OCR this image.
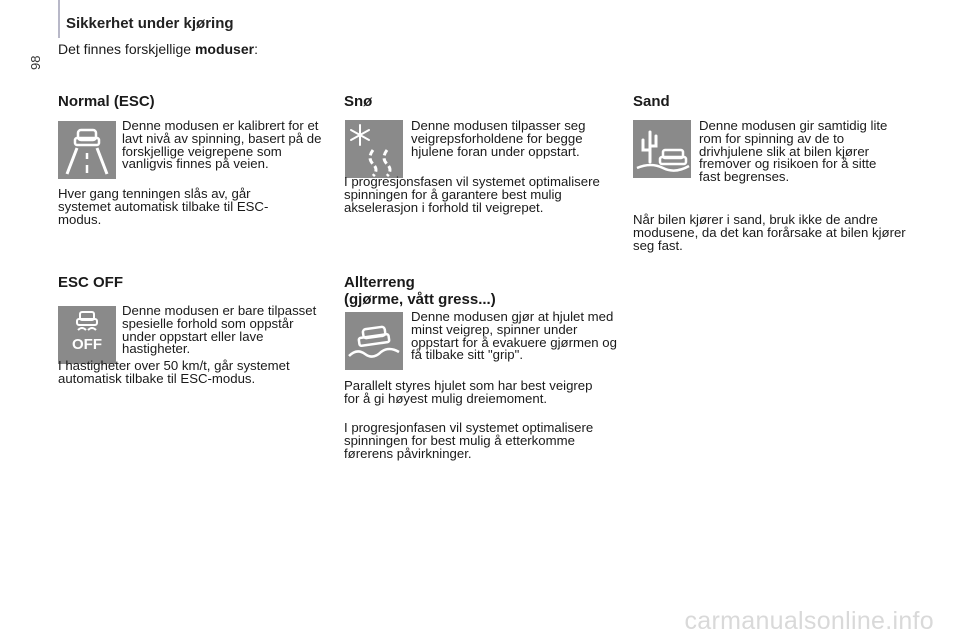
98
Sikkerhet under kjøring
Det finnes forskjellige moduser:
Normal (ESC)

Denne modusen er kalibrert for et lavt nivå av spinning, basert på de forskjellige veigrepene som vanligvis finnes på veien.

Hver gang tenningen slås av, går systemet automatisk tilbake til ESC-modus.

Snø

Denne modusen tilpasser seg veigrepsforholdene for begge hjulene foran under oppstart.

I progresjonsfasen vil systemet optimalisere spinningen for å garantere best mulig akselerasjon i forhold til veigrepet.

Sand

Denne modusen gir samtidig lite rom for spinning av de to drivhjulene slik at bilen kjører fremover og risikoen for å sitte fast begrenses.

Når bilen kjører i sand, bruk ikke de andre modusene, da det kan forårsake at bilen kjører seg fast.

ESC OFF
OFF

Denne modusen er bare tilpasset spesielle forhold som oppstår under oppstart eller lave hastigheter.

I hastigheter over 50 km/t, går systemet automatisk tilbake til ESC-modus.

Allterreng
(gjørme, vått gress...)

Denne modusen gjør at hjulet med minst veigrep, spinner under oppstart for å evakuere gjørmen og få tilbake sitt "grip".

Parallelt styres hjulet som har best veigrep for å gi høyest mulig dreiemoment.

I progresjonfasen vil systemet optimalisere spinningen for best mulig å etterkomme førerens påvirkninger.

carmanualsonline.info
